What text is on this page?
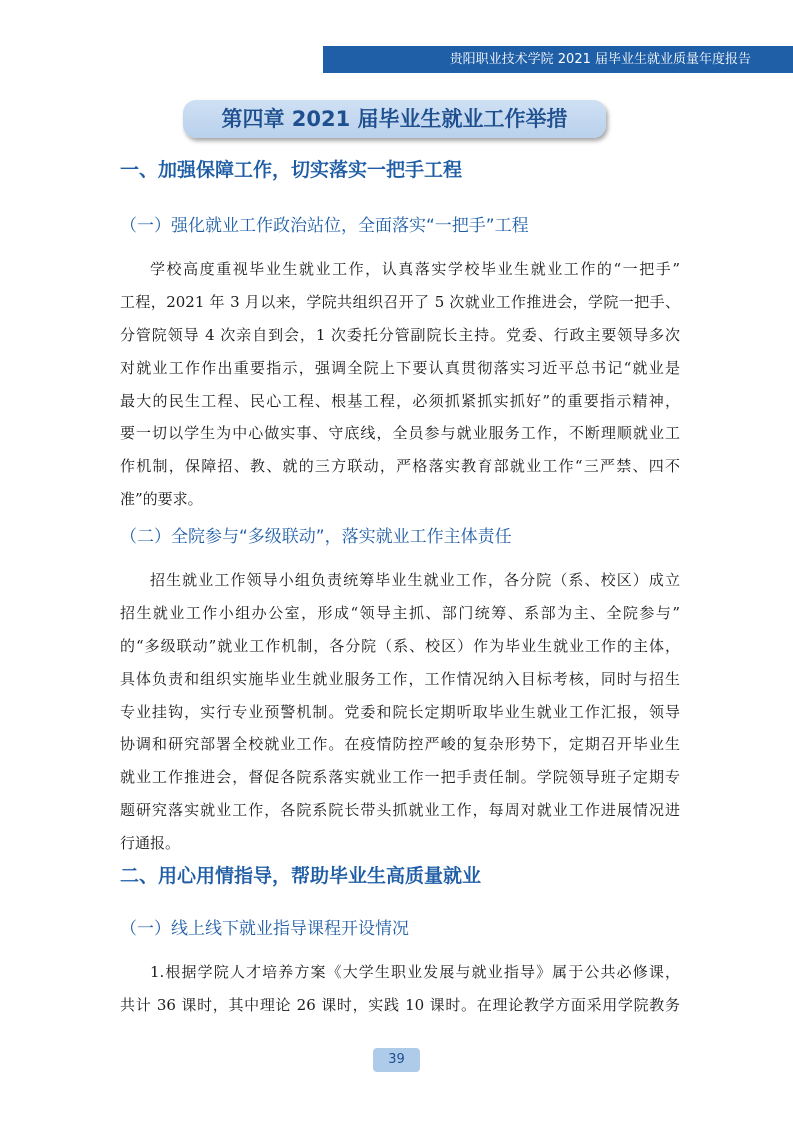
贵阳职业技术学院 2021 届毕业生就业质量年度报告
第四章 2021 届毕业生就业工作举措
一、加强保障工作，切实落实一把手工程
（一）强化就业工作政治站位，全面落实“一把手”工程
学校高度重视毕业生就业工作，认真落实学校毕业生就业工作的“一把手”
工程，2021 年 3 月以来，学院共组织召开了 5 次就业工作推进会，学院一把手、
分管院领导 4 次亲自到会，1 次委托分管副院长主持。党委、行政主要领导多次
对就业工作作出重要指示，强调全院上下要认真贯彻落实习近平总书记“就业是
最大的民生工程、民心工程、根基工程，必须抓紧抓实抓好”的重要指示精神，
要一切以学生为中心做实事、守底线，全员参与就业服务工作，不断理顺就业工
作机制，保障招、教、就的三方联动，严格落实教育部就业工作“三严禁、四不
准”的要求。
（二）全院参与“多级联动”，落实就业工作主体责任
招生就业工作领导小组负责统筹毕业生就业工作，各分院（系、校区）成立
招生就业工作小组办公室，形成“领导主抓、部门统筹、系部为主、全院参与”
的“多级联动”就业工作机制，各分院（系、校区）作为毕业生就业工作的主体，
具体负责和组织实施毕业生就业服务工作，工作情况纳入目标考核，同时与招生
专业挂钩，实行专业预警机制。党委和院长定期听取毕业生就业工作汇报，领导
协调和研究部署全校就业工作。在疫情防控严峻的复杂形势下，定期召开毕业生
就业工作推进会，督促各院系落实就业工作一把手责任制。学院领导班子定期专
题研究落实就业工作，各院系院长带头抓就业工作，每周对就业工作进展情况进
行通报。
二、用心用情指导，帮助毕业生高质量就业
（一）线上线下就业指导课程开设情况
1.根据学院人才培养方案《大学生职业发展与就业指导》属于公共必修课，
共计 36 课时，其中理论 26 课时，实践 10 课时。在理论教学方面采用学院教务
39
